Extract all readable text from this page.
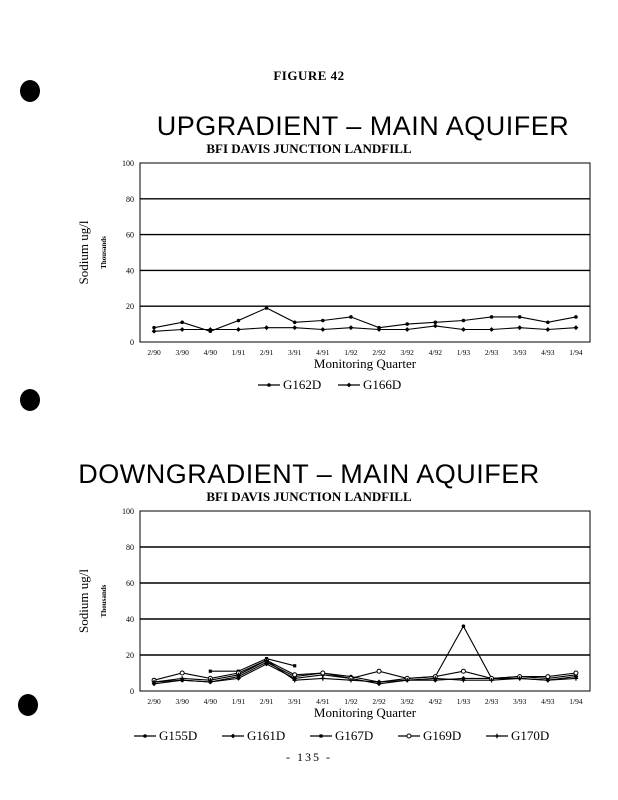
FIGURE 42
UPGRADIENT – MAIN AQUIFER
BFI DAVIS JUNCTION LANDFILL
0
20
40
60
80
100
2/90 3/90 4/90 1/91 2/91 3/91 4/91 1/92 2/92 3/92 4/92 1/93 2/93 3/93 4/93 1/94
Monitoring Quarter
Sodium ug/l Thousands
G162D	G166D
DOWNGRADIENT – MAIN AQUIFER
BFI DAVIS JUNCTION LANDFILL
0
20
40
60
80
100
2/90 3/90 4/90 1/91 2/91 3/91 4/91 1/92 2/92 3/92 4/92 1/93 2/93 3/93 4/93 1/94
Monitoring Quarter
Sodium ug/l Thousands
G155D	G161D	G167D	G169D	G170D
- 135 -
